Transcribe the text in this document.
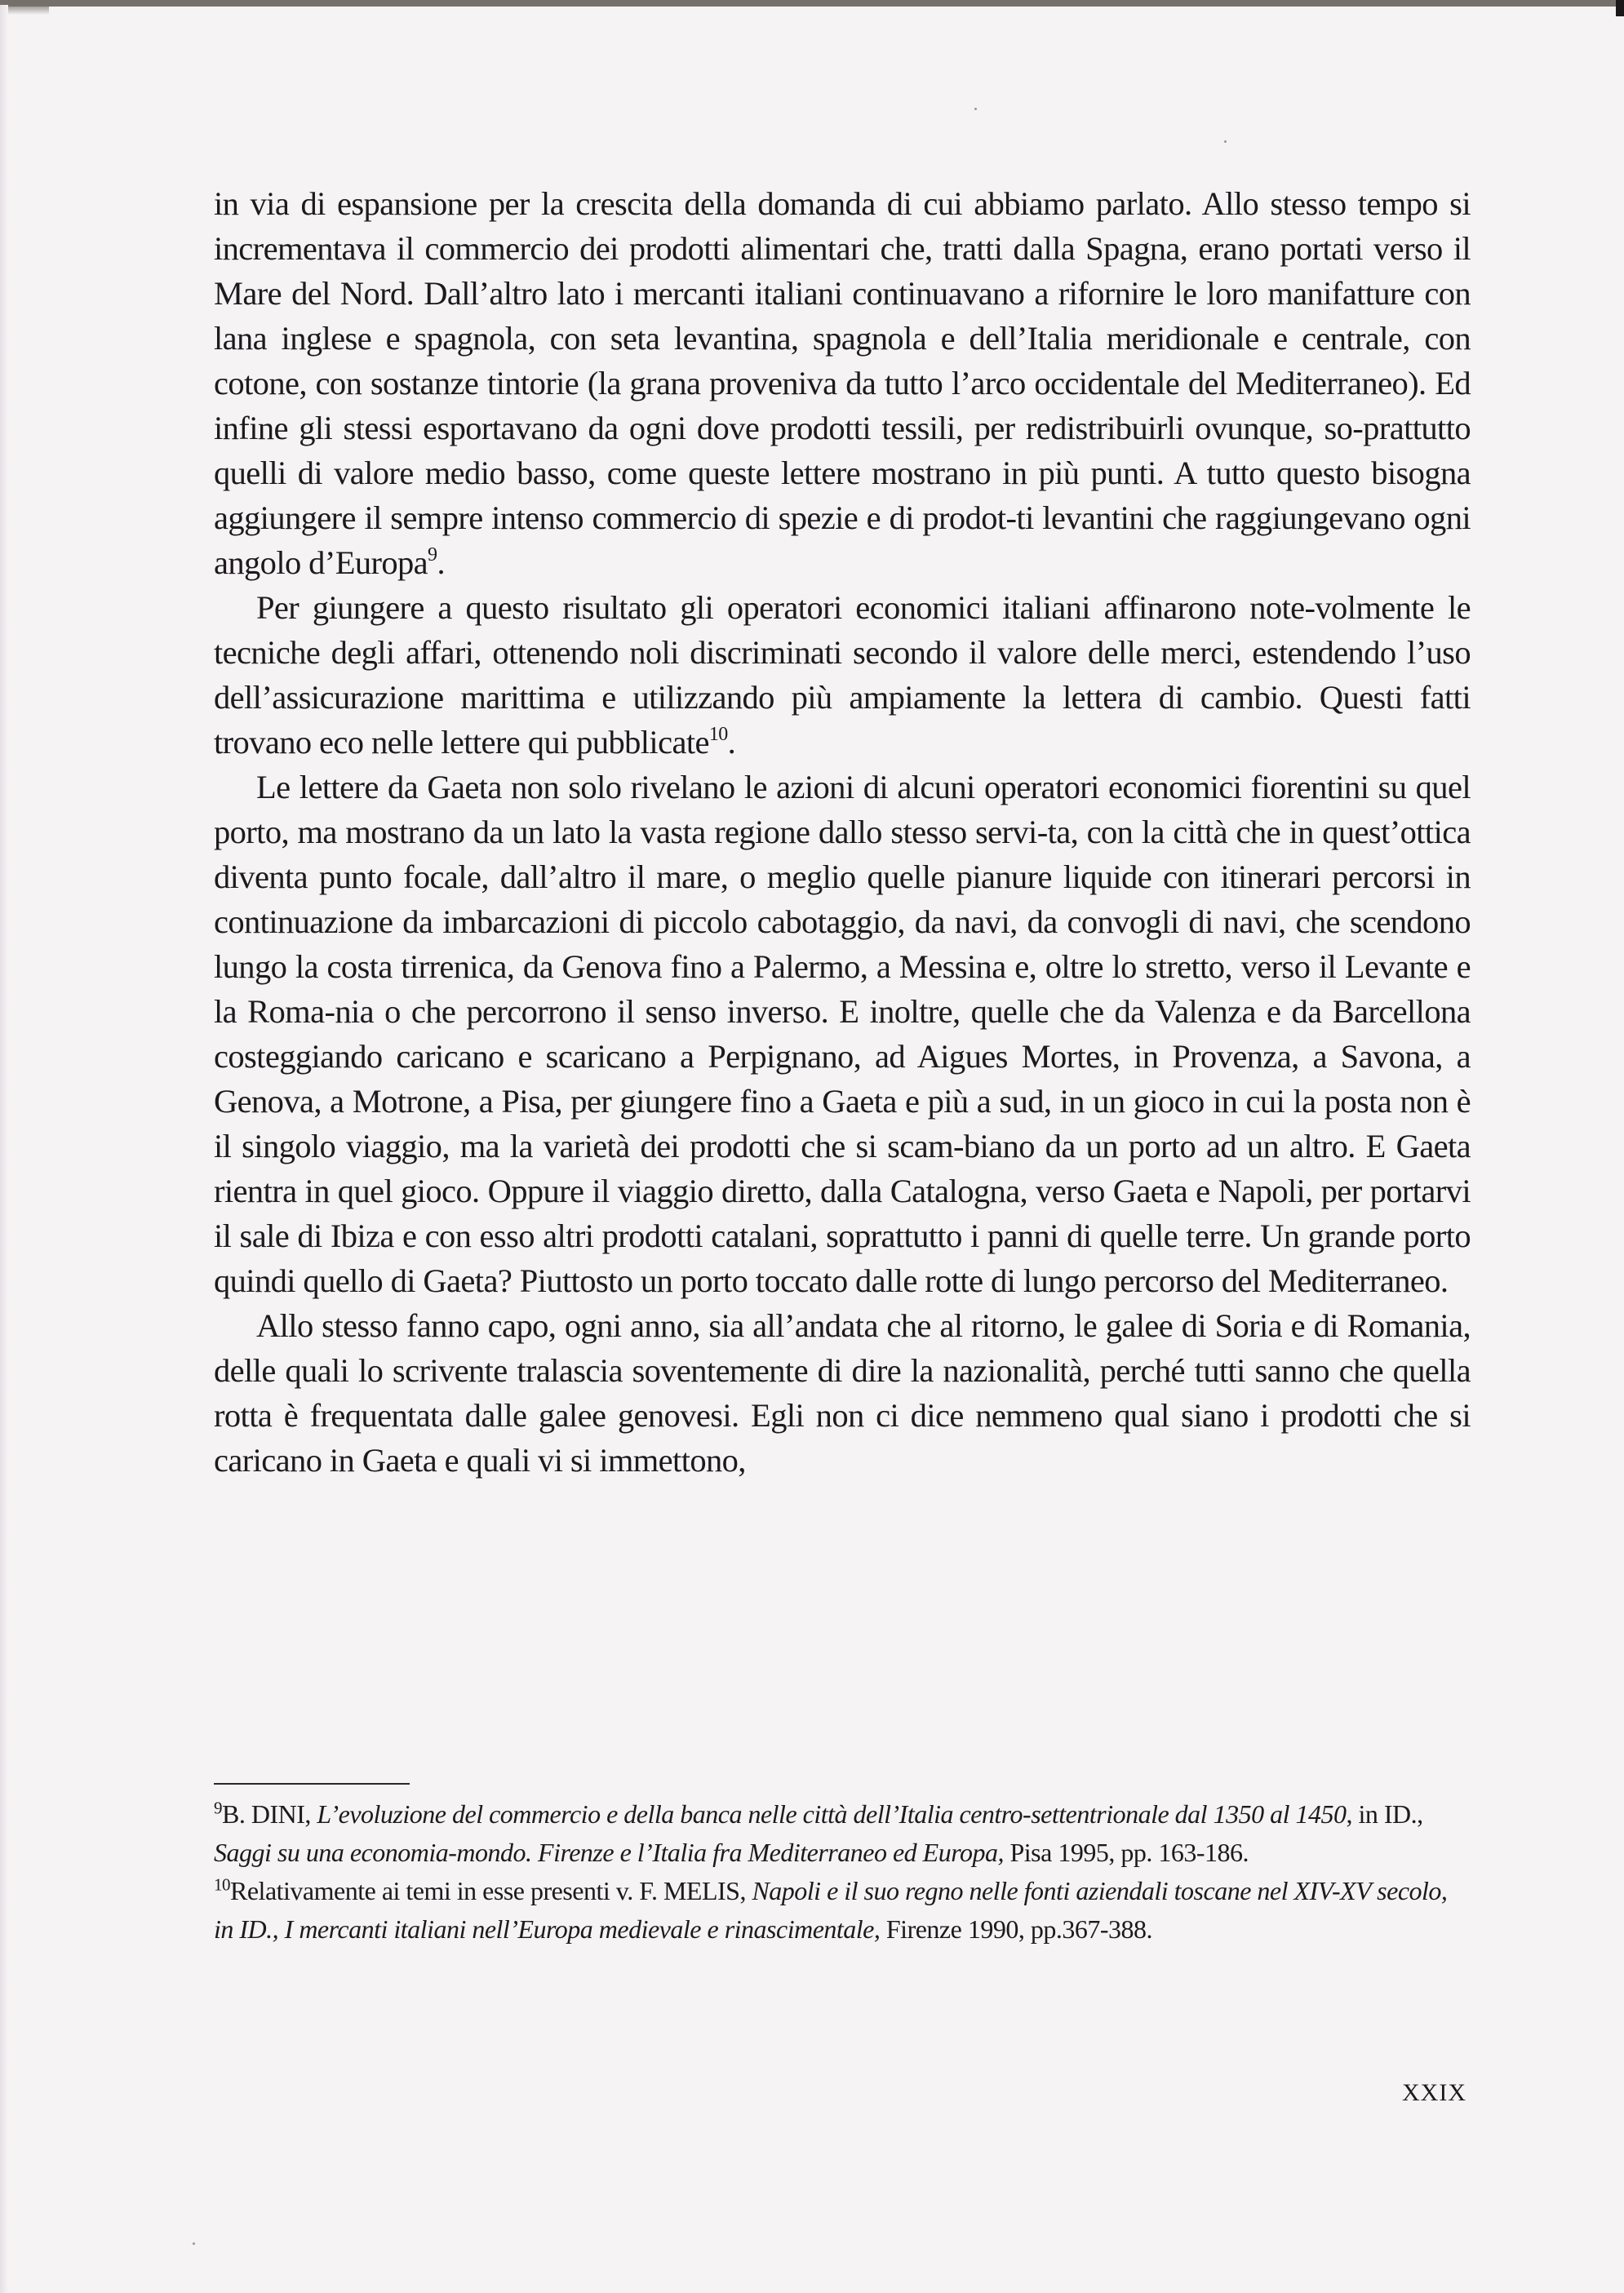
in via di espansione per la crescita della domanda di cui abbiamo parlato. Allo stesso tempo si incrementava il commercio dei prodotti alimentari che, tratti dalla Spagna, erano portati verso il Mare del Nord. Dall’altro lato i mercanti italiani continuavano a rifornire le loro manifatture con lana inglese e spagnola, con seta levantina, spagnola e dell’Italia meridionale e centrale, con cotone, con sostanze tintorie (la grana proveniva da tutto l’arco occidentale del Mediterraneo). Ed infine gli stessi esportavano da ogni dove prodotti tessili, per redistribuirli ovunque, so-prattutto quelli di valore medio basso, come queste lettere mostrano in più punti. A tutto questo bisogna aggiungere il sempre intenso commercio di spezie e di prodot-ti levantini che raggiungevano ogni angolo d’Europa$^9$.

Per giungere a questo risultato gli operatori economici italiani affinarono note-volmente le tecniche degli affari, ottenendo noli discriminati secondo il valore delle merci, estendendo l’uso dell’assicurazione marittima e utilizzando più ampiamente la lettera di cambio. Questi fatti trovano eco nelle lettere qui pubblicate$^{10}$.

Le lettere da Gaeta non solo rivelano le azioni di alcuni operatori economici fiorentini su quel porto, ma mostrano da un lato la vasta regione dallo stesso servi-ta, con la città che in quest’ottica diventa punto focale, dall’altro il mare, o meglio quelle pianure liquide con itinerari percorsi in continuazione da imbarcazioni di piccolo cabotaggio, da navi, da convogli di navi, che scendono lungo la costa tirrenica, da Genova fino a Palermo, a Messina e, oltre lo stretto, verso il Levante e la Roma-nia o che percorrono il senso inverso. E inoltre, quelle che da Valenza e da Barcellona costeggiando caricano e scaricano a Perpignano, ad Aigues Mortes, in Provenza, a Savona, a Genova, a Motrone, a Pisa, per giungere fino a Gaeta e più a sud, in un gioco in cui la posta non è il singolo viaggio, ma la varietà dei prodotti che si scam-biano da un porto ad un altro. E Gaeta rientra in quel gioco. Oppure il viaggio diretto, dalla Catalogna, verso Gaeta e Napoli, per portarvi il sale di Ibiza e con esso altri prodotti catalani, soprattutto i panni di quelle terre. Un grande porto quindi quello di Gaeta? Piuttosto un porto toccato dalle rotte di lungo percorso del Mediterraneo.

Allo stesso fanno capo, ogni anno, sia all’andata che al ritorno, le galee di Soria e di Romania, delle quali lo scrivente tralascia soventemente di dire la nazionalità, perché tutti sanno che quella rotta è frequentata dalle galee genovesi. Egli non ci dice nemmeno qual siano i prodotti che si caricano in Gaeta e quali vi si immettono,

$^9$B. DINI, L’evoluzione del commercio e della banca nelle città dell’Italia centro-settentrionale dal 1350 al 1450, in ID., Saggi su una economia-mondo. Firenze e l’Italia fra Mediterraneo ed Europa, Pisa 1995, pp. 163-186.

$^{10}$Relativamente ai temi in esse presenti v. F. MELIS, Napoli e il suo regno nelle fonti aziendali toscane nel XIV-XV secolo, in ID., I mercanti italiani nell’Europa medievale e rinascimentale, Firenze 1990, pp.367-388.

XXIX
